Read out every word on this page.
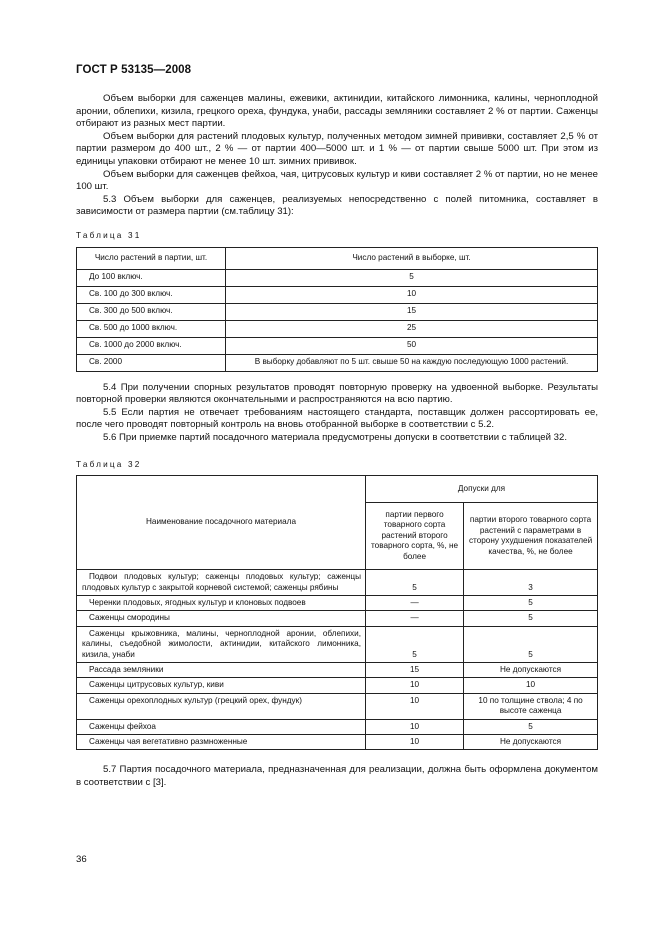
ГОСТ Р 53135—2008

Объем выборки для саженцев малины, ежевики, актинидии, китайского лимонника, калины, черноплодной аронии, облепихи, кизила, грецкого ореха, фундука, унаби, рассады земляники составляет 2 % от партии. Саженцы отбирают из разных мест партии.

Объем выборки для растений плодовых культур, полученных методом зимней прививки, составляет 2,5 % от партии размером до 400 шт., 2 % — от партии 400—5000 шт. и 1 % — от партии свыше 5000 шт. При этом из единицы упаковки отбирают не менее 10 шт. зимних прививок.

Объем выборки для саженцев фейхоа, чая, цитрусовых культур и киви составляет 2 % от партии, но не менее 100 шт.

5.3 Объем выборки для саженцев, реализуемых непосредственно с полей питомника, составляет в зависимости от размера партии (см.таблицу 31):

Таблица 31
Число растений в партии, шт.	Число растений в выборке, шт.
До 100 включ.	5
Св. 100 до 300 включ.	10
Св. 300 до 500 включ.	15
Св. 500 до 1000 включ.	25
Св. 1000 до 2000 включ.	50
Св. 2000	В выборку добавляют по 5 шт. свыше 50 на каждую последующую 1000 растений.

5.4 При получении спорных результатов проводят повторную проверку на удвоенной выборке. Результаты повторной проверки являются окончательными и распространяются на всю партию.

5.5 Если партия не отвечает требованиям настоящего стандарта, поставщик должен рассортировать ее, после чего проводят повторный контроль на вновь отобранной выборке в соответствии с 5.2.

5.6 При приемке партий посадочного материала предусмотрены допуски в соответствии с таблицей 32.

Таблица 32
Наименование посадочного материала	Допуски для	
	партии первого товарного сорта растений второго товарного сорта, %, не более	партии второго товарного сорта растений с параметрами в сторону ухудшения показателей качества, %, не более

Подвои плодовых культур; саженцы плодовых культур; саженцы плодовых культур с закрытой корневой системой; саженцы рябины	5	3

Черенки плодовых, ягодных культур и клоновых подвоев	—	5

Саженцы смородины	—	5

Саженцы крыжовника, малины, черноплодной аронии, облепихи, калины, съедобной жимолости, актинидии, китайского лимонника, кизила, унаби	5	5

Рассада земляники	15	Не допускаются

Саженцы цитрусовых культур, киви	10	10

Саженцы орехоплодных культур (грецкий орех, фундук)	10	10 по толщине ствола; 4 по высоте саженца

Саженцы фейхоа	10	5

Саженцы чая вегетативно размноженные	10	Не допускаются

5.7 Партия посадочного материала, предназначенная для реализации, должна быть оформлена документом в соответствии с [3].

36
